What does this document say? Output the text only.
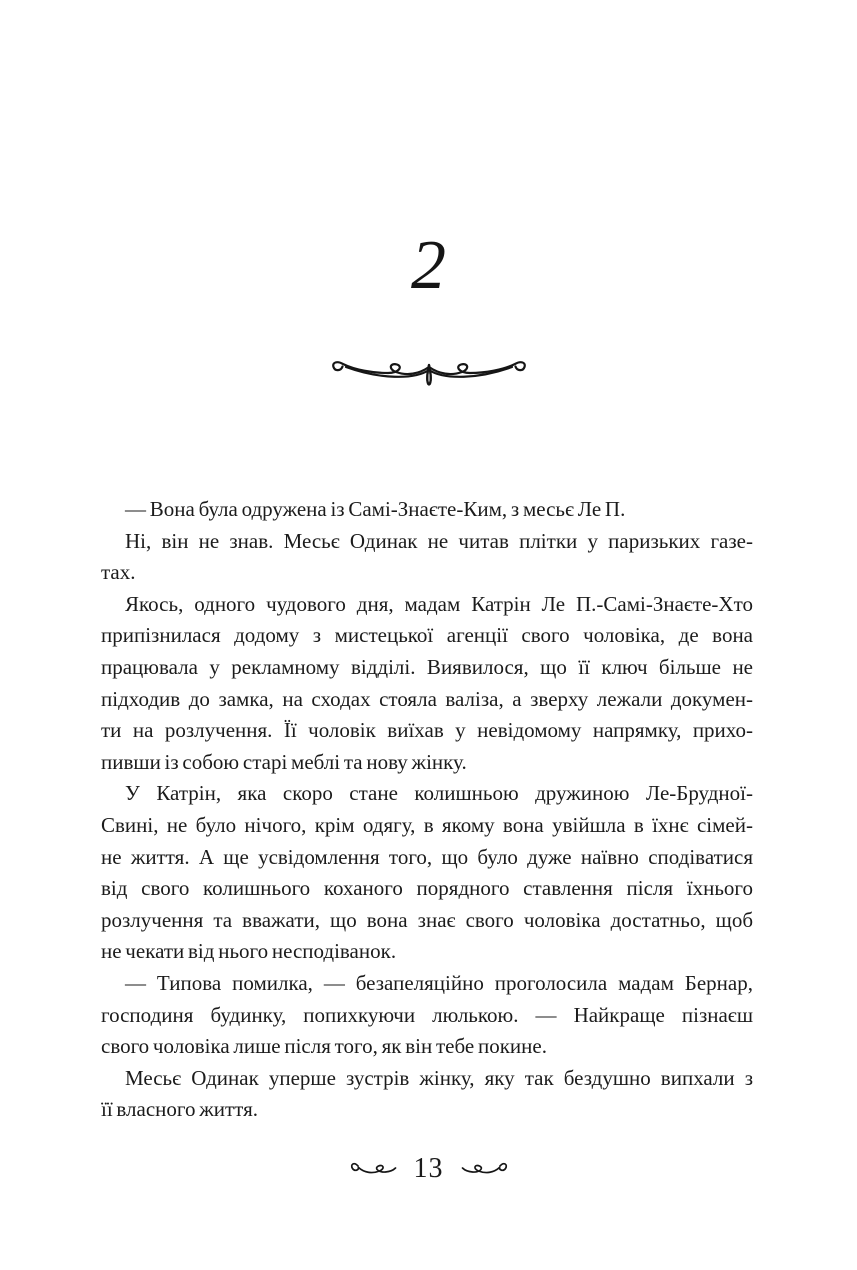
2
— Вона була одружена із Самі-Знаєте-Ким, з месьє Ле П.
Ні, він не знав. Месьє Одинак не читав плітки у паризьких газе-
тах.
Якось, одного чудового дня, мадам Катрін Ле П.-Самі-Знаєте-Хто
припізнилася додому з мистецької агенції свого чоловіка, де вона
працювала у рекламному відділі. Виявилося, що її ключ більше не
підходив до замка, на сходах стояла валіза, а зверху лежали докумен-
ти на розлучення. Її чоловік виїхав у невідомому напрямку, прихо-
пивши із собою старі меблі та нову жінку.
У Катрін, яка скоро стане колишньою дружиною Ле-Брудної-
Свині, не було нічого, крім одягу, в якому вона увійшла в їхнє сімей-
не життя. А ще усвідомлення того, що було дуже наївно сподіватися
від свого колишнього коханого порядного ставлення після їхнього
розлучення та вважати, що вона знає свого чоловіка достатньо, щоб
не чекати від нього несподіванок.
— Типова помилка, — безапеляційно проголосила мадам Бернар,
господиня будинку, попихкуючи люлькою. — Найкраще пізнаєш
свого чоловіка лише після того, як він тебе покине.
Месьє Одинак уперше зустрів жінку, яку так бездушно випхали з
її власного життя.
13
